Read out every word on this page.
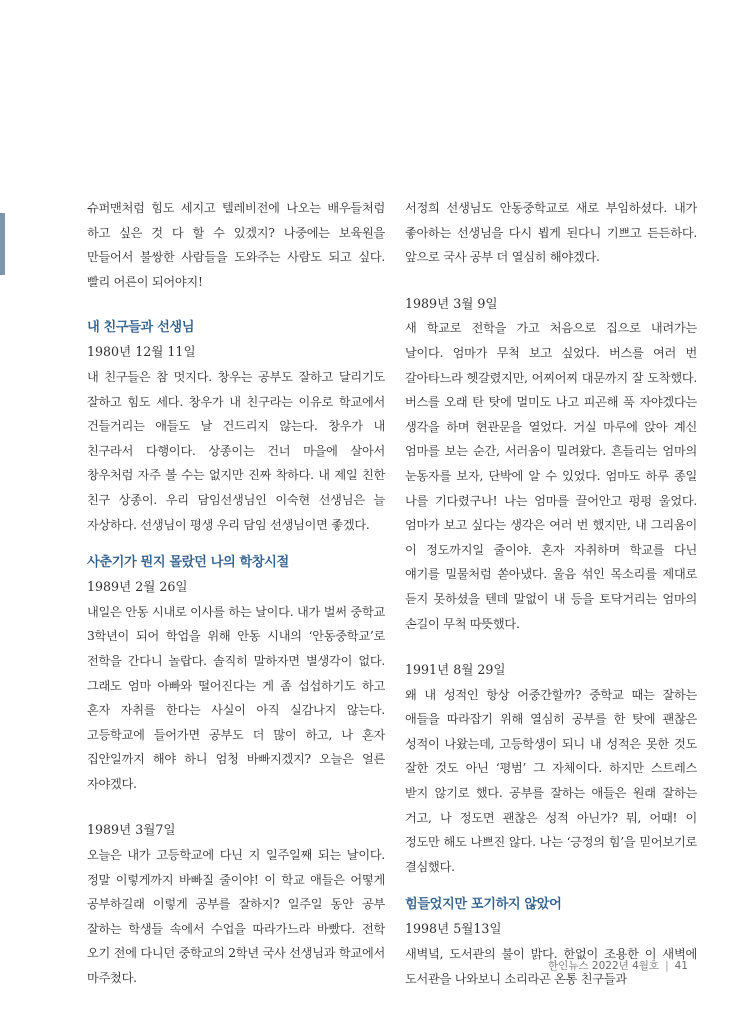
슈퍼맨처럼 힘도 세지고 텔레비전에 나오는 배우들처럼 하고 싶은 것 다 할 수 있겠지? 나중에는 보육원을 만들어서 불쌍한 사람들을 도와주는 사람도 되고 싶다. 빨리 어른이 되어야지!

내 친구들과 선생님

1980년 12월 11일

내 친구들은 참 멋지다. 창우는 공부도 잘하고 달리기도 잘하고 힘도 세다. 창우가 내 친구라는 이유로 학교에서 건들거리는 애들도 날 건드리지 않는다. 창우가 내 친구라서 다행이다. 상종이는 건너 마을에 살아서 창우처럼 자주 볼 수는 없지만 진짜 착하다. 내 제일 친한 친구 상종이. 우리 담임선생님인 이숙현 선생님은 늘 자상하다. 선생님이 평생 우리 담임 선생님이면 좋겠다.

사춘기가 뭔지 몰랐던 나의 학창시절

1989년 2월 26일

내일은 안동 시내로 이사를 하는 날이다. 내가 벌써 중학교 3학년이 되어 학업을 위해 안동 시내의 ‘안동중학교’로 전학을 간다니 놀랍다. 솔직히 말하자면 별생각이 없다. 그래도 엄마 아빠와 떨어진다는 게 좀 섭섭하기도 하고 혼자 자취를 한다는 사실이 아직 실감나지 않는다. 고등학교에 들어가면 공부도 더 많이 하고, 나 혼자 집안일까지 해야 하니 엄청 바빠지겠지? 오늘은 얼른 자야겠다.

1989년 3월7일

오늘은 내가 고등학교에 다닌 지 일주일째 되는 날이다. 정말 이렇게까지 바빠질 줄이야! 이 학교 애들은 어떻게 공부하길래 이렇게 공부를 잘하지? 일주일 동안 공부 잘하는 학생들 속에서 수업을 따라가느라 바빴다. 전학 오기 전에 다니던 중학교의 2학년 국사 선생님과 학교에서 마주쳤다.

서정희 선생님도 안동중학교로 새로 부임하셨다. 내가 좋아하는 선생님을 다시 뵙게 된다니 기쁘고 든든하다. 앞으로 국사 공부 더 열심히 해야겠다.

1989년 3월 9일

새 학교로 전학을 가고 처음으로 집으로 내려가는 날이다. 엄마가 무척 보고 싶었다. 버스를 여러 번 갈아타느라 헷갈렸지만, 어찌어찌 대문까지 잘 도착했다. 버스를 오래 탄 탓에 멀미도 나고 피곤해 푹 자야겠다는 생각을 하며 현관문을 열었다. 거실 마루에 앉아 계신 엄마를 보는 순간, 서러움이 밀려왔다. 흔들리는 엄마의 눈동자를 보자, 단박에 알 수 있었다. 엄마도 하루 종일 나를 기다렸구나! 나는 엄마를 끌어안고 펑펑 울었다. 엄마가 보고 싶다는 생각은 여러 번 했지만, 내 그리움이 이 정도까지일 줄이야. 혼자 자취하며 학교를 다닌 얘기를 밀물처럼 쏟아냈다. 울음 섞인 목소리를 제대로 듣지 못하셨을 텐데 말없이 내 등을 토닥거리는 엄마의 손길이 무척 따뜻했다.

1991년 8월 29일

왜 내 성적인 항상 어중간할까? 중학교 때는 잘하는 애들을 따라잡기 위해 열심히 공부를 한 탓에 괜찮은 성적이 나왔는데, 고등학생이 되니 내 성적은 못한 것도 잘한 것도 아닌 ‘평범’ 그 자체이다. 하지만 스트레스 받지 않기로 했다. 공부를 잘하는 애들은 원래 잘하는 거고, 나 정도면 괜찮은 성적 아닌가? 뭐, 어때! 이 정도만 해도 나쁘진 않다. 나는 ‘긍정의 힘’을 믿어보기로 결심했다.

힘들었지만 포기하지 않았어

1998년 5월13일

새벽녘, 도서관의 불이 밝다. 한없이 조용한 이 새벽에 도서관을 나와보니 소리라곤 온통 친구들과

한인뉴스 2022년 4월호 | 41
